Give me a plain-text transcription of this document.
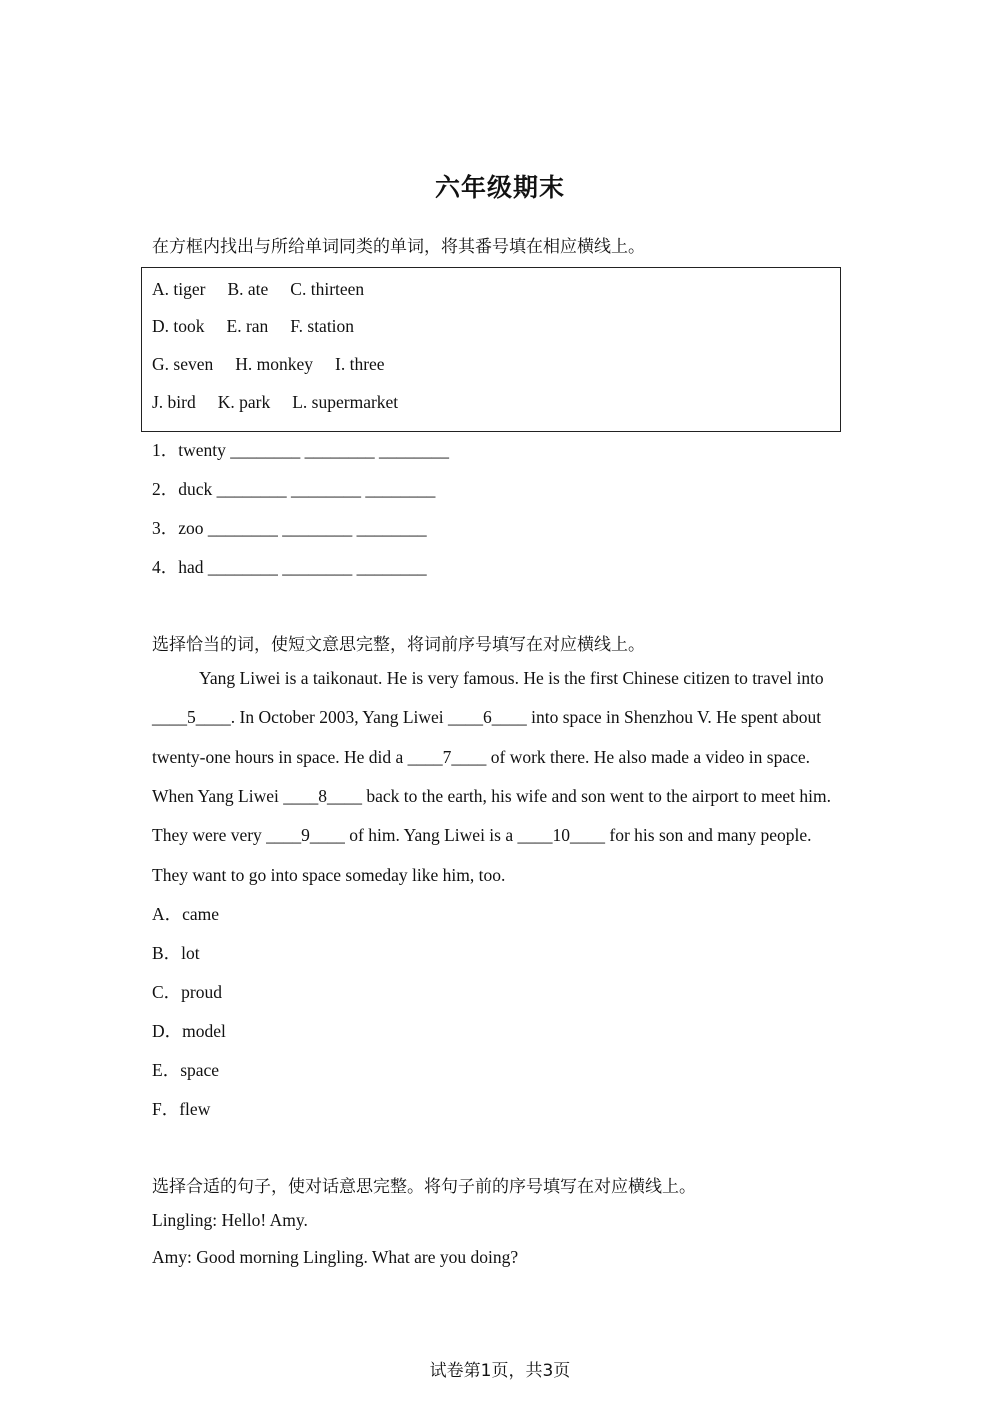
六年级期末
在方框内找出与所给单词同类的单词，将其番号填在相应横线上。
A. tiger B. ate C. thirteen
D. took E. ran F. station
G. seven H. monkey I. three
J. bird K. park L. supermarket
1．twenty ________ ________ ________
2．duck ________ ________ ________
3．zoo ________ ________ ________
4．had ________ ________ ________
选择恰当的词，使短文意思完整，将词前序号填写在对应横线上。
Yang Liwei is a taikonaut. He is very famous. He is the first Chinese citizen to travel into
____5____. In October 2003, Yang Liwei ____6____ into space in Shenzhou V. He spent about
twenty-one hours in space. He did a ____7____ of work there. He also made a video in space.
When Yang Liwei ____8____ back to the earth, his wife and son went to the airport to meet him.
They were very ____9____ of him. Yang Liwei is a ____10____ for his son and many people.
They want to go into space someday like him, too.
A．came
B．lot
C．proud
D．model
E．space
F．flew
选择合适的句子，使对话意思完整。将句子前的序号填写在对应横线上。
Lingling: Hello! Amy.
Amy: Good morning Lingling. What are you doing?
试卷第1页，共3页
